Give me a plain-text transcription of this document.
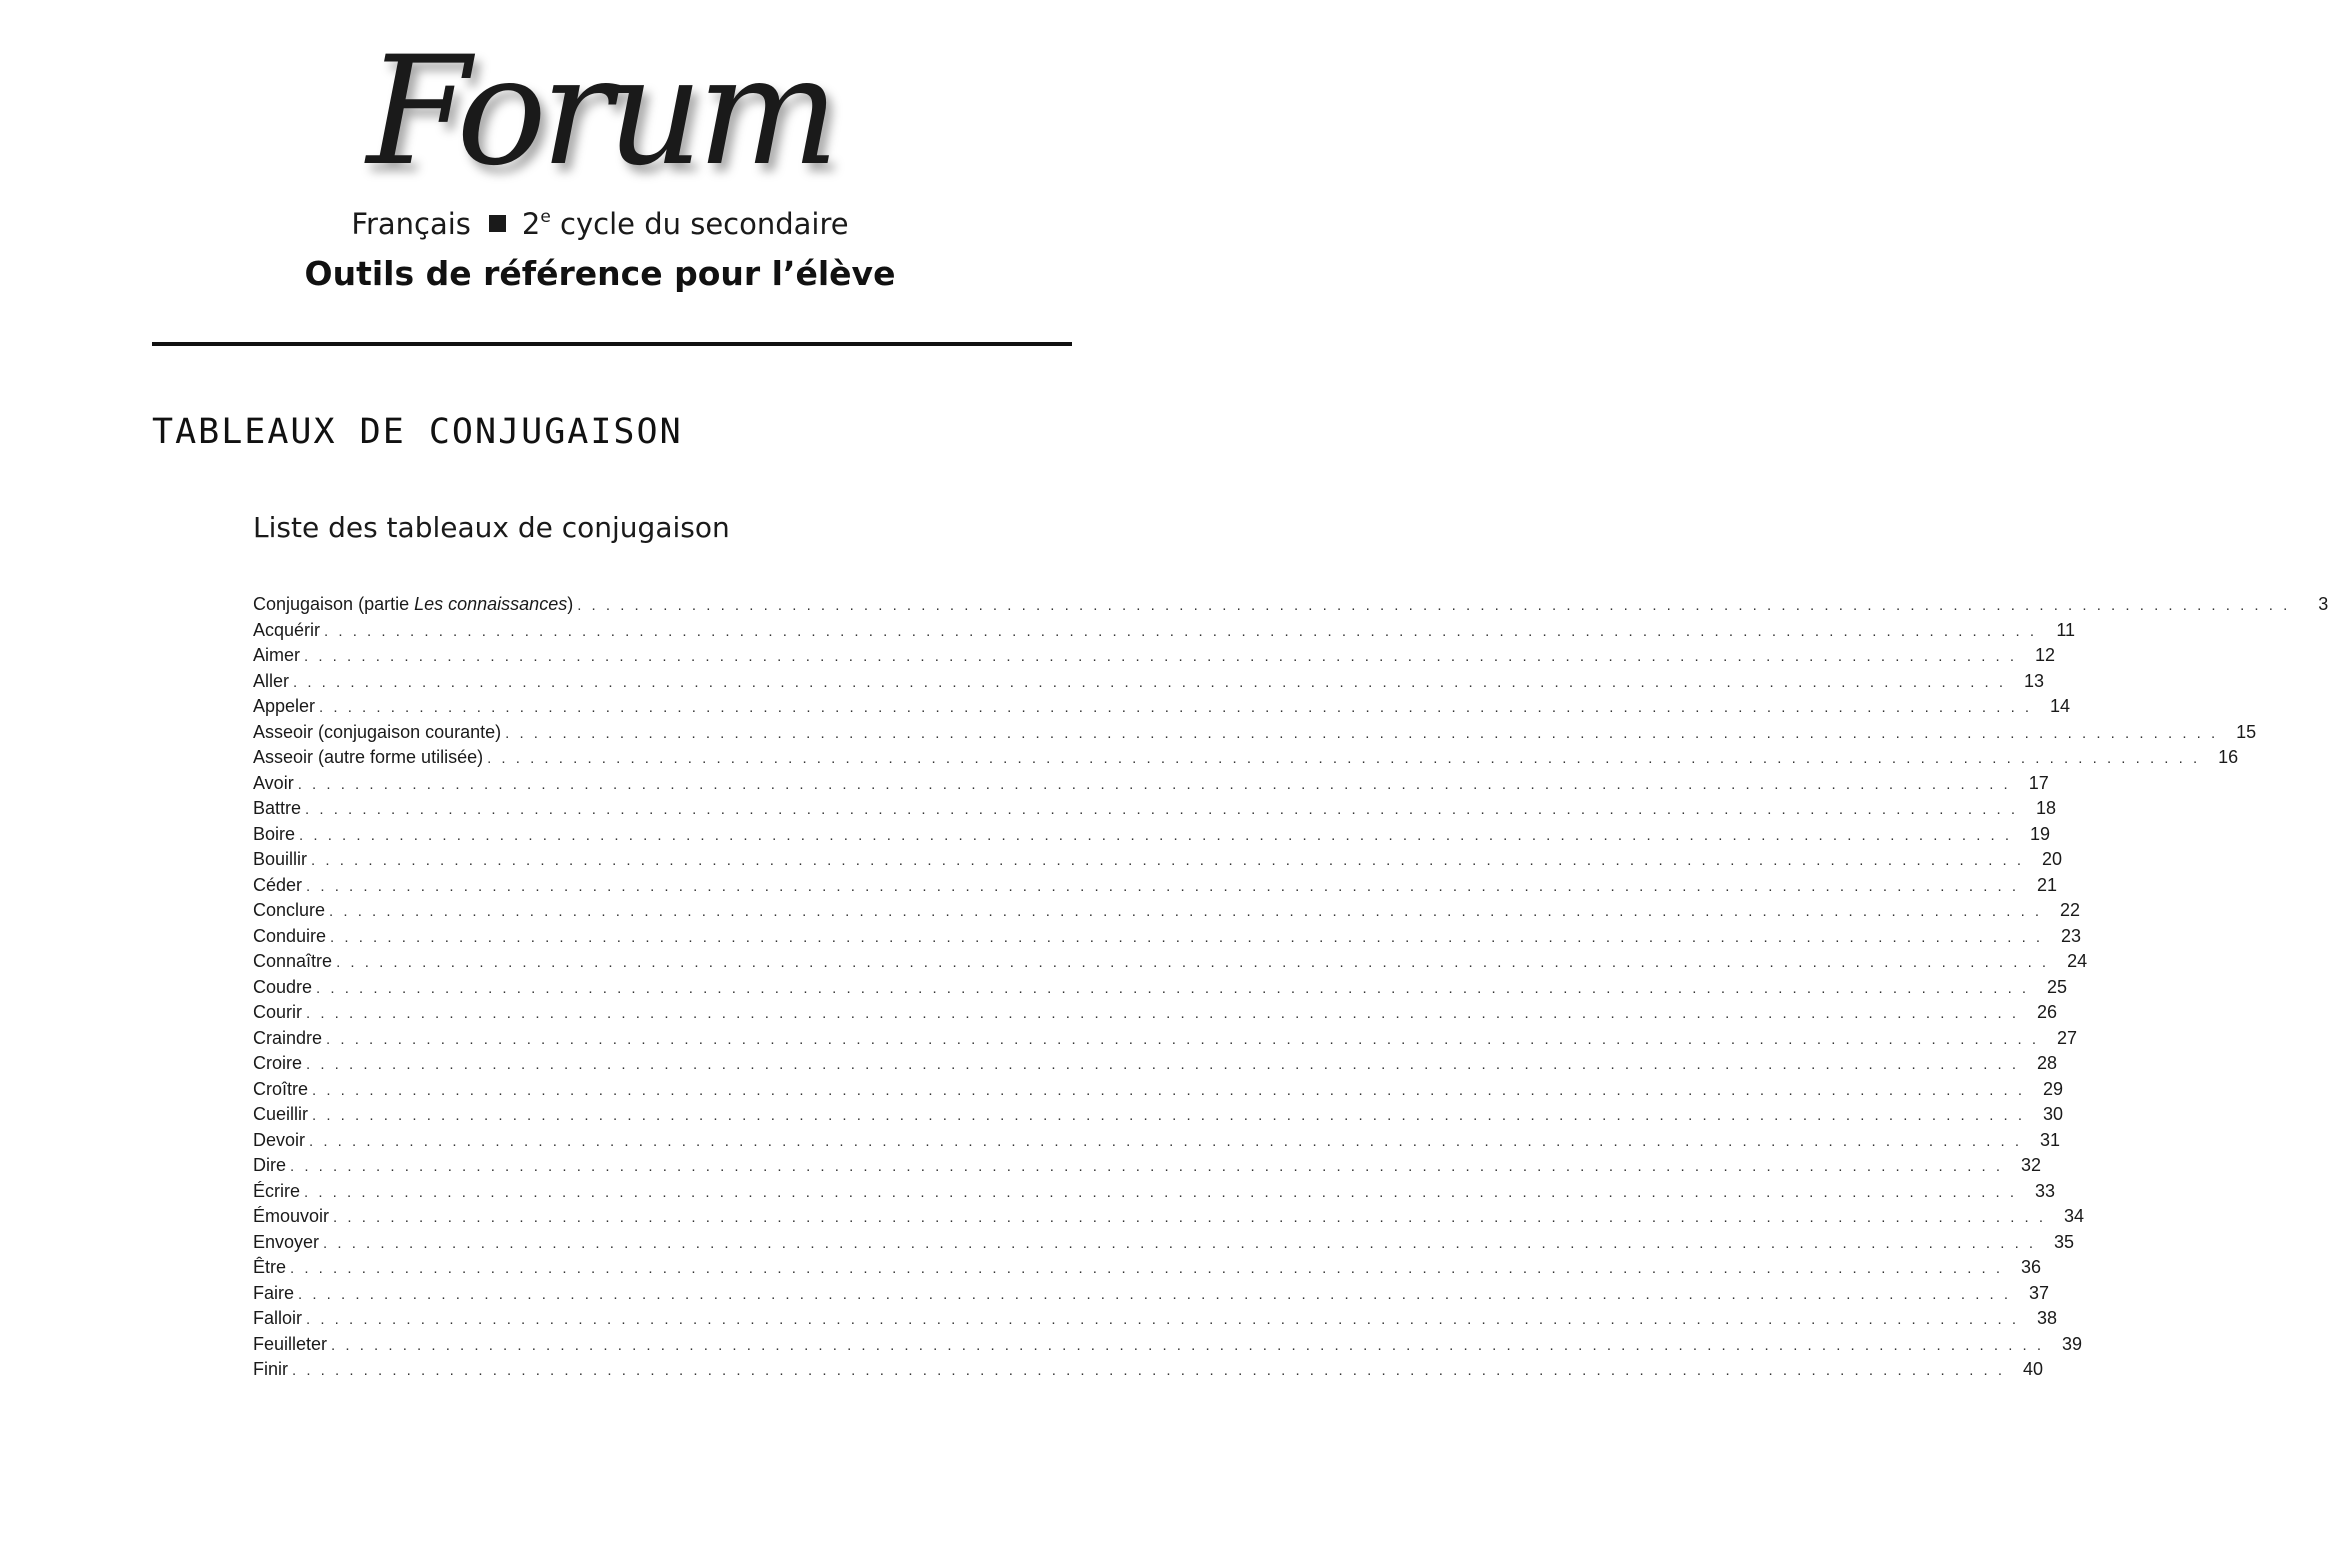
Forum
Français 2e cycle du secondaire
Outils de référence pour l’élève
TABLEAUX DE CONJUGAISON
Liste des tableaux de conjugaison
Conjugaison (partie Les connaissances) . . . . . . . . . . . . . . . . . . . . . . . . . . . . . . . . . . . . . . . . . . . . . . . . . . . . . . . . . . . . . . . . . . . . . . . . . . . . . . . . . . . . . . . . . . . . . . . . . . . . . . . . . . . . . . . . . . . . . . . .	3
Acquérir . . . . . . . . . . . . . . . . . . . . . . . . . . . . . . . . . . . . . . . . . . . . . . . . . . . . . . . . . . . . . . . . . . . . . . . . . . . . . . . . . . . . . . . . . . . . . . . . . . . . . . . . . . . . . . . . . . . . . . . .	11
Aimer . . . . . . . . . . . . . . . . . . . . . . . . . . . . . . . . . . . . . . . . . . . . . . . . . . . . . . . . . . . . . . . . . . . . . . . . . . . . . . . . . . . . . . . . . . . . . . . . . . . . . . . . . . . . . . . . . . . . . . . . 12
Aller . . . . . . . . . . . . . . . . . . . . . . . . . . . . . . . . . . . . . . . . . . . . . . . . . . . . . . . . . . . . . . . . . . . . . . . . . . . . . . . . . . . . . . . . . . . . . . . . . . . . . . . . . . . . . . . . . . . . . . . . 13
Appeler . . . . . . . . . . . . . . . . . . . . . . . . . . . . . . . . . . . . . . . . . . . . . . . . . . . . . . . . . . . . . . . . . . . . . . . . . . . . . . . . . . . . . . . . . . . . . . . . . . . . . . . . . . . . . . . . . . . . . . . . 14
Asseoir (conjugaison courante) . . . . . . . . . . . . . . . . . . . . . . . . . . . . . . . . . . . . . . . . . . . . . . . . . . . . . . . . . . . . . . . . . . . . . . . . . . . . . . . . . . . . . . . . . . . . . . . . . . . . . . . . . . . . . . . . . . . . . . . . 15
Asseoir (autre forme utilisée) . . . . . . . . . . . . . . . . . . . . . . . . . . . . . . . . . . . . . . . . . . . . . . . . . . . . . . . . . . . . . . . . . . . . . . . . . . . . . . . . . . . . . . . . . . . . . . . . . . . . . . . . . . . . . . . . . . . . . . . . 16
Avoir . . . . . . . . . . . . . . . . . . . . . . . . . . . . . . . . . . . . . . . . . . . . . . . . . . . . . . . . . . . . . . . . . . . . . . . . . . . . . . . . . . . . . . . . . . . . . . . . . . . . . . . . . . . . . . . . . . . . . . . . 17
Battre . . . . . . . . . . . . . . . . . . . . . . . . . . . . . . . . . . . . . . . . . . . . . . . . . . . . . . . . . . . . . . . . . . . . . . . . . . . . . . . . . . . . . . . . . . . . . . . . . . . . . . . . . . . . . . . . . . . . . . . . 18
Boire . . . . . . . . . . . . . . . . . . . . . . . . . . . . . . . . . . . . . . . . . . . . . . . . . . . . . . . . . . . . . . . . . . . . . . . . . . . . . . . . . . . . . . . . . . . . . . . . . . . . . . . . . . . . . . . . . . . . . . . . 19
Bouillir . . . . . . . . . . . . . . . . . . . . . . . . . . . . . . . . . . . . . . . . . . . . . . . . . . . . . . . . . . . . . . . . . . . . . . . . . . . . . . . . . . . . . . . . . . . . . . . . . . . . . . . . . . . . . . . . . . . . . . . . 20
Céder . . . . . . . . . . . . . . . . . . . . . . . . . . . . . . . . . . . . . . . . . . . . . . . . . . . . . . . . . . . . . . . . . . . . . . . . . . . . . . . . . . . . . . . . . . . . . . . . . . . . . . . . . . . . . . . . . . . . . . . . 21
Conclure . . . . . . . . . . . . . . . . . . . . . . . . . . . . . . . . . . . . . . . . . . . . . . . . . . . . . . . . . . . . . . . . . . . . . . . . . . . . . . . . . . . . . . . . . . . . . . . . . . . . . . . . . . . . . . . . . . . . . . . . 22
Conduire . . . . . . . . . . . . . . . . . . . . . . . . . . . . . . . . . . . . . . . . . . . . . . . . . . . . . . . . . . . . . . . . . . . . . . . . . . . . . . . . . . . . . . . . . . . . . . . . . . . . . . . . . . . . . . . . . . . . . . . . 23
Connaître . . . . . . . . . . . . . . . . . . . . . . . . . . . . . . . . . . . . . . . . . . . . . . . . . . . . . . . . . . . . . . . . . . . . . . . . . . . . . . . . . . . . . . . . . . . . . . . . . . . . . . . . . . . . . . . . . . . . . . . . 24
Coudre . . . . . . . . . . . . . . . . . . . . . . . . . . . . . . . . . . . . . . . . . . . . . . . . . . . . . . . . . . . . . . . . . . . . . . . . . . . . . . . . . . . . . . . . . . . . . . . . . . . . . . . . . . . . . . . . . . . . . . . . 25
Courir . . . . . . . . . . . . . . . . . . . . . . . . . . . . . . . . . . . . . . . . . . . . . . . . . . . . . . . . . . . . . . . . . . . . . . . . . . . . . . . . . . . . . . . . . . . . . . . . . . . . . . . . . . . . . . . . . . . . . . . . 26
Craindre . . . . . . . . . . . . . . . . . . . . . . . . . . . . . . . . . . . . . . . . . . . . . . . . . . . . . . . . . . . . . . . . . . . . . . . . . . . . . . . . . . . . . . . . . . . . . . . . . . . . . . . . . . . . . . . . . . . . . . . . 27
Croire . . . . . . . . . . . . . . . . . . . . . . . . . . . . . . . . . . . . . . . . . . . . . . . . . . . . . . . . . . . . . . . . . . . . . . . . . . . . . . . . . . . . . . . . . . . . . . . . . . . . . . . . . . . . . . . . . . . . . . . . 28
Croître . . . . . . . . . . . . . . . . . . . . . . . . . . . . . . . . . . . . . . . . . . . . . . . . . . . . . . . . . . . . . . . . . . . . . . . . . . . . . . . . . . . . . . . . . . . . . . . . . . . . . . . . . . . . . . . . . . . . . . . . 29
Cueillir . . . . . . . . . . . . . . . . . . . . . . . . . . . . . . . . . . . . . . . . . . . . . . . . . . . . . . . . . . . . . . . . . . . . . . . . . . . . . . . . . . . . . . . . . . . . . . . . . . . . . . . . . . . . . . . . . . . . . . . . 30
Devoir . . . . . . . . . . . . . . . . . . . . . . . . . . . . . . . . . . . . . . . . . . . . . . . . . . . . . . . . . . . . . . . . . . . . . . . . . . . . . . . . . . . . . . . . . . . . . . . . . . . . . . . . . . . . . . . . . . . . . . . . 31
Dire . . . . . . . . . . . . . . . . . . . . . . . . . . . . . . . . . . . . . . . . . . . . . . . . . . . . . . . . . . . . . . . . . . . . . . . . . . . . . . . . . . . . . . . . . . . . . . . . . . . . . . . . . . . . . . . . . . . . . . . . 32
Écrire . . . . . . . . . . . . . . . . . . . . . . . . . . . . . . . . . . . . . . . . . . . . . . . . . . . . . . . . . . . . . . . . . . . . . . . . . . . . . . . . . . . . . . . . . . . . . . . . . . . . . . . . . . . . . . . . . . . . . . . . 33
Émouvoir . . . . . . . . . . . . . . . . . . . . . . . . . . . . . . . . . . . . . . . . . . . . . . . . . . . . . . . . . . . . . . . . . . . . . . . . . . . . . . . . . . . . . . . . . . . . . . . . . . . . . . . . . . . . . . . . . . . . . . . . 34
Envoyer . . . . . . . . . . . . . . . . . . . . . . . . . . . . . . . . . . . . . . . . . . . . . . . . . . . . . . . . . . . . . . . . . . . . . . . . . . . . . . . . . . . . . . . . . . . . . . . . . . . . . . . . . . . . . . . . . . . . . . . . 35
Être . . . . . . . . . . . . . . . . . . . . . . . . . . . . . . . . . . . . . . . . . . . . . . . . . . . . . . . . . . . . . . . . . . . . . . . . . . . . . . . . . . . . . . . . . . . . . . . . . . . . . . . . . . . . . . . . . . . . . . . . 36
Faire . . . . . . . . . . . . . . . . . . . . . . . . . . . . . . . . . . . . . . . . . . . . . . . . . . . . . . . . . . . . . . . . . . . . . . . . . . . . . . . . . . . . . . . . . . . . . . . . . . . . . . . . . . . . . . . . . . . . . . . . 37
Falloir . . . . . . . . . . . . . . . . . . . . . . . . . . . . . . . . . . . . . . . . . . . . . . . . . . . . . . . . . . . . . . . . . . . . . . . . . . . . . . . . . . . . . . . . . . . . . . . . . . . . . . . . . . . . . . . . . . . . . . . . 38
Feuilleter . . . . . . . . . . . . . . . . . . . . . . . . . . . . . . . . . . . . . . . . . . . . . . . . . . . . . . . . . . . . . . . . . . . . . . . . . . . . . . . . . . . . . . . . . . . . . . . . . . . . . . . . . . . . . . . . . . . . . . . . 39
Finir . . . . . . . . . . . . . . . . . . . . . . . . . . . . . . . . . . . . . . . . . . . . . . . . . . . . . . . . . . . . . . . . . . . . . . . . . . . . . . . . . . . . . . . . . . . . . . . . . . . . . . . . . . . . . . . . . . . . . . . . 40
